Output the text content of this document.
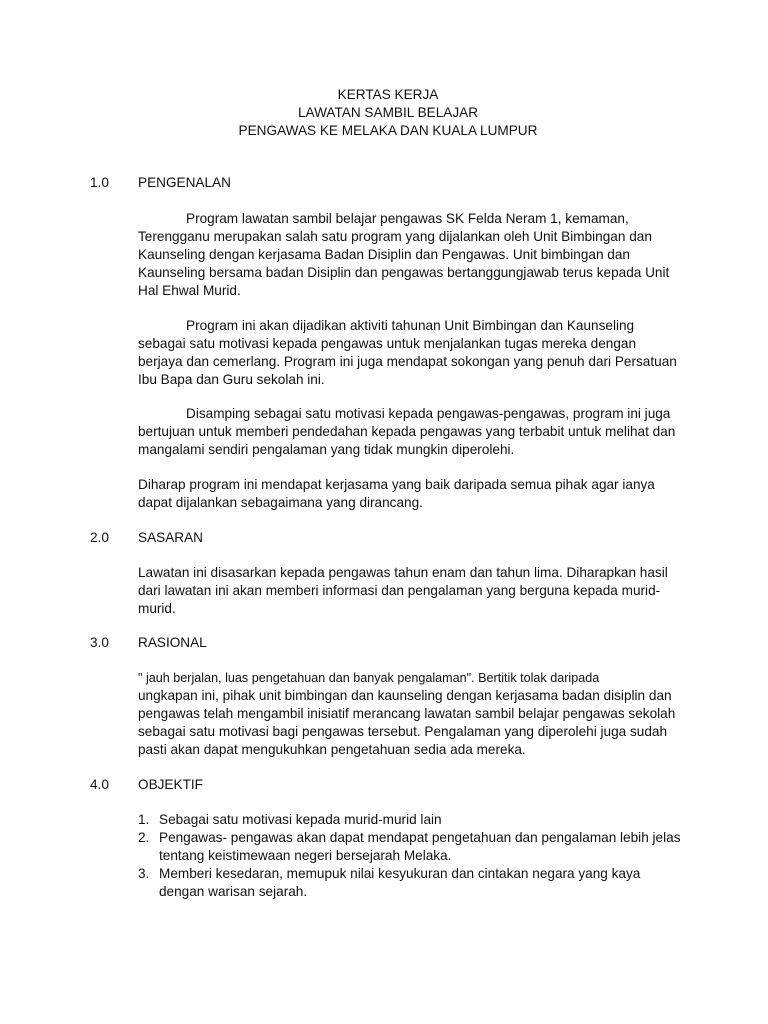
KERTAS KERJA
LAWATAN SAMBIL BELAJAR
PENGAWAS KE MELAKA DAN KUALA LUMPUR
1.0 PENGENALAN

Program lawatan sambil belajar pengawas SK Felda Neram 1, kemaman, Terengganu merupakan salah satu program yang dijalankan oleh Unit Bimbingan dan Kaunseling dengan kerjasama Badan Disiplin dan Pengawas. Unit bimbingan dan Kaunseling bersama badan Disiplin dan pengawas bertanggungjawab terus kepada Unit Hal Ehwal Murid.

Program ini akan dijadikan aktiviti tahunan Unit Bimbingan dan Kaunseling sebagai satu motivasi kepada pengawas untuk menjalankan tugas mereka dengan berjaya dan cemerlang. Program ini juga mendapat sokongan yang penuh dari Persatuan Ibu Bapa dan Guru sekolah ini.

Disamping sebagai satu motivasi kepada pengawas-pengawas, program ini juga bertujuan untuk memberi pendedahan kepada pengawas yang terbabit untuk melihat dan mangalami sendiri pengalaman yang tidak mungkin diperolehi.

Diharap program ini mendapat kerjasama yang baik daripada semua pihak agar ianya dapat dijalankan sebagaimana yang dirancang.

2.0 SASARAN

Lawatan ini disasarkan kepada pengawas tahun enam dan tahun lima. Diharapkan hasil dari lawatan ini akan memberi informasi dan pengalaman yang berguna kepada murid-murid.

3.0 RASIONAL

" jauh berjalan, luas pengetahuan dan banyak pengalaman". Bertitik tolak daripada

ungkapan ini, pihak unit bimbingan dan kaunseling dengan kerjasama badan disiplin dan pengawas telah mengambil inisiatif merancang lawatan sambil belajar pengawas sekolah sebagai satu motivasi bagi pengawas tersebut. Pengalaman yang diperolehi juga sudah pasti akan dapat mengukuhkan pengetahuan sedia ada mereka.

4.0 OBJEKTIF
1. Sebagai satu motivasi kepada murid-murid lain
2. Pengawas- pengawas akan dapat mendapat pengetahuan dan pengalaman lebih jelas tentang keistimewaan negeri bersejarah Melaka.
3. Memberi kesedaran, memupuk nilai kesyukuran dan cintakan negara yang kaya dengan warisan sejarah.
